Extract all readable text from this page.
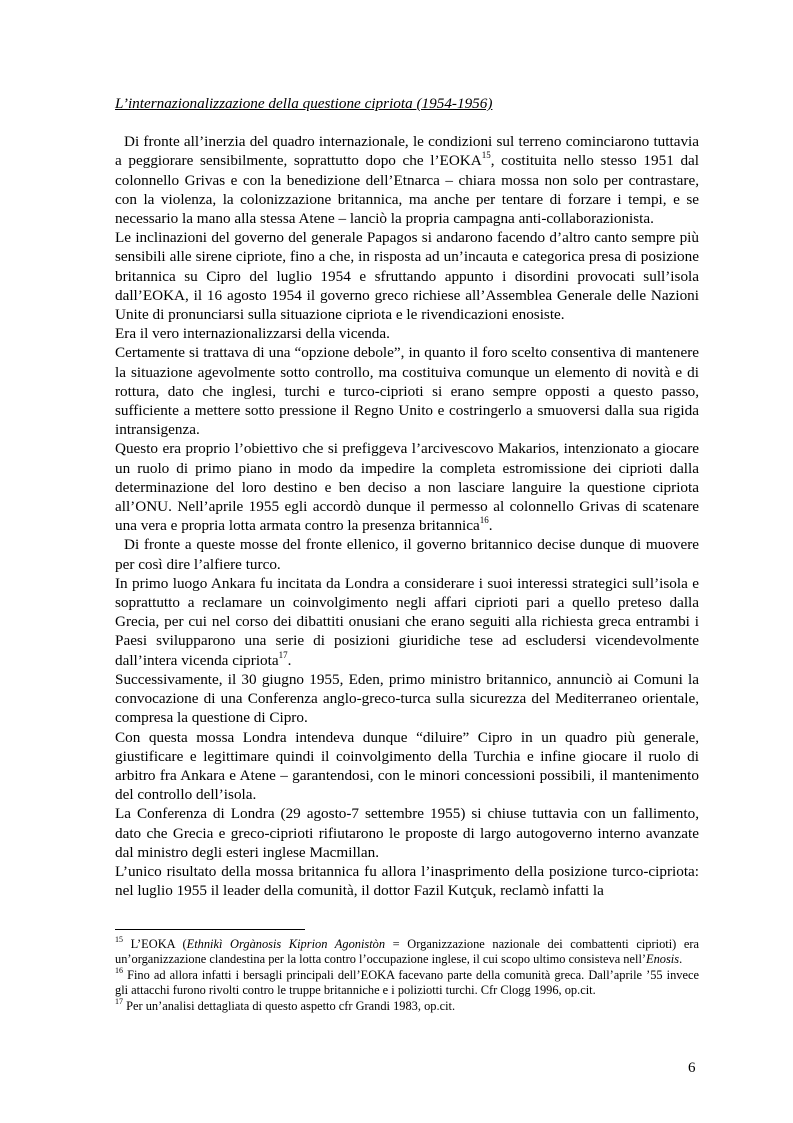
L’internazionalizzazione della questione cipriota (1954-1956)

Di fronte all’inerzia del quadro internazionale, le condizioni sul terreno cominciarono tuttavia a peggiorare sensibilmente, soprattutto dopo che l’EOKA$^{15}$, costituita nello stesso 1951 dal colonnello Grivas e con la benedizione dell’Etnarca – chiara mossa non solo per contrastare, con la violenza, la colonizzazione britannica, ma anche per tentare di forzare i tempi, e se necessario la mano alla stessa Atene – lanciò la propria campagna anti-collaborazionista.

Le inclinazioni del governo del generale Papagos si andarono facendo d’altro canto sempre più sensibili alle sirene cipriote, fino a che, in risposta ad un’incauta e categorica presa di posizione britannica su Cipro del luglio 1954 e sfruttando appunto i disordini provocati sull’isola dall’EOKA, il 16 agosto 1954 il governo greco richiese all’Assemblea Generale delle Nazioni Unite di pronunciarsi sulla situazione cipriota e le rivendicazioni enosiste.

Era il vero internazionalizzarsi della vicenda.

Certamente si trattava di una “opzione debole”, in quanto il foro scelto consentiva di mantenere la situazione agevolmente sotto controllo, ma costituiva comunque un elemento di novità e di rottura, dato che inglesi, turchi e turco-ciprioti si erano sempre opposti a questo passo, sufficiente a mettere sotto pressione il Regno Unito e costringerlo a smuoversi dalla sua rigida intransigenza.

Questo era proprio l’obiettivo che si prefiggeva l’arcivescovo Makarios, intenzionato a giocare un ruolo di primo piano in modo da impedire la completa estromissione dei ciprioti dalla determinazione del loro destino e ben deciso a non lasciare languire la questione cipriota all’ONU. Nell’aprile 1955 egli accordò dunque il permesso al colonnello Grivas di scatenare una vera e propria lotta armata contro la presenza britannica$^{16}$.

Di fronte a queste mosse del fronte ellenico, il governo britannico decise dunque di muovere per così dire l’alfiere turco.

In primo luogo Ankara fu incitata da Londra a considerare i suoi interessi strategici sull’isola e soprattutto a reclamare un coinvolgimento negli affari ciprioti pari a quello preteso dalla Grecia, per cui nel corso dei dibattiti onusiani che erano seguiti alla richiesta greca entrambi i Paesi svilupparono una serie di posizioni giuridiche tese ad escludersi vicendevolmente dall’intera vicenda cipriota$^{17}$.

Successivamente, il 30 giugno 1955, Eden, primo ministro britannico, annunciò ai Comuni la convocazione di una Conferenza anglo-greco-turca sulla sicurezza del Mediterraneo orientale, compresa la questione di Cipro.

Con questa mossa Londra intendeva dunque “diluire” Cipro in un quadro più generale, giustificare e legittimare quindi il coinvolgimento della Turchia e infine giocare il ruolo di arbitro fra Ankara e Atene – garantendosi, con le minori concessioni possibili, il mantenimento del controllo dell’isola.

La Conferenza di Londra (29 agosto-7 settembre 1955) si chiuse tuttavia con un fallimento, dato che Grecia e greco-ciprioti rifiutarono le proposte di largo autogoverno interno avanzate dal ministro degli esteri inglese Macmillan.

L’unico risultato della mossa britannica fu allora l’inasprimento della posizione turco-cipriota: nel luglio 1955 il leader della comunità, il dottor Fazil Kutçuk, reclamò infatti la

$^{15}$ L’EOKA (Ethnikì Orgànosis Kiprion Agonistòn = Organizzazione nazionale dei combattenti ciprioti) era un’organizzazione clandestina per la lotta contro l’occupazione inglese, il cui scopo ultimo consisteva nell’Enosis.

$^{16}$ Fino ad allora infatti i bersagli principali dell’EOKA facevano parte della comunità greca. Dall’aprile ’55 invece gli attacchi furono rivolti contro le truppe britanniche e i poliziotti turchi. Cfr Clogg 1996, op.cit.

$^{17}$ Per un’analisi dettagliata di questo aspetto cfr Grandi 1983, op.cit.

6
